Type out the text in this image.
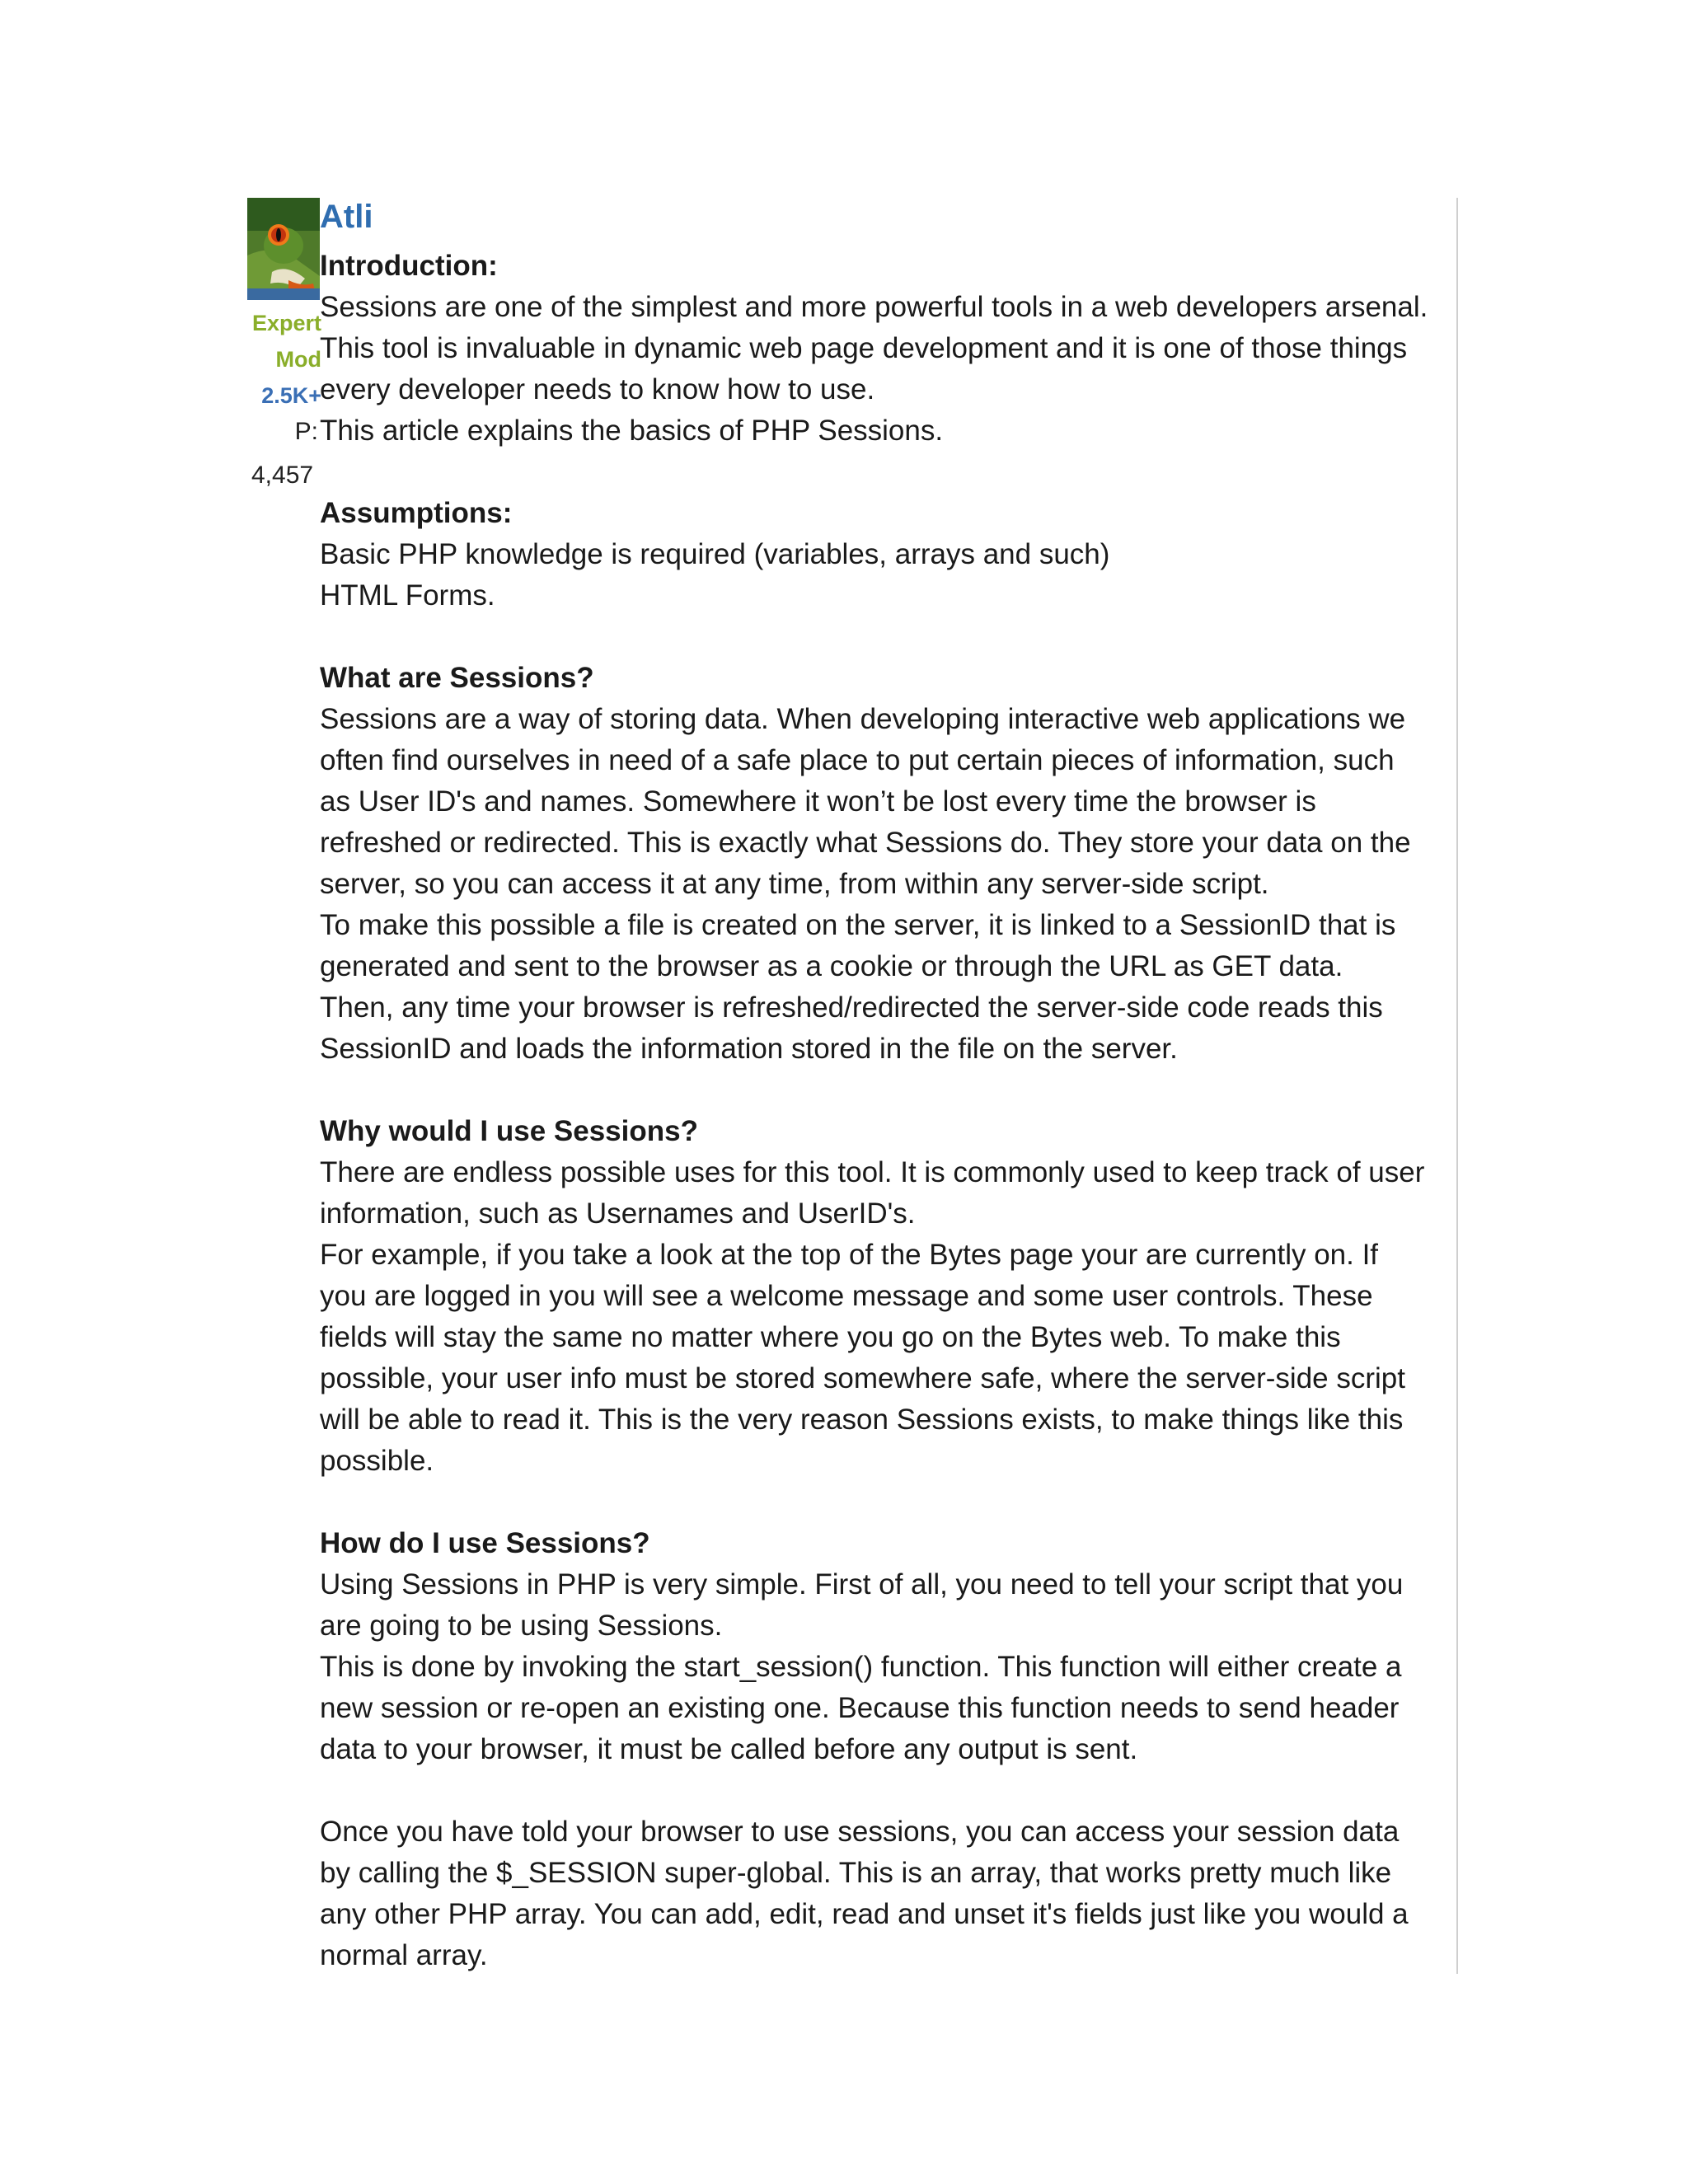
Expert
Mod
2.5K+
P:
4,457
Atli
Introduction:

Sessions are one of the simplest and more powerful tools in a web developers arsenal. This tool is invaluable in dynamic web page development and it is one of those things every developer needs to know how to use.

This article explains the basics of PHP Sessions.

Assumptions:

Basic PHP knowledge is required (variables, arrays and such)

HTML Forms.

What are Sessions?

Sessions are a way of storing data. When developing interactive web applications we often find ourselves in need of a safe place to put certain pieces of information, such as User ID's and names. Somewhere it won’t be lost every time the browser is refreshed or redirected. This is exactly what Sessions do. They store your data on the server, so you can access it at any time, from within any server-side script.

To make this possible a file is created on the server, it is linked to a SessionID that is generated and sent to the browser as a cookie or through the URL as GET data.

Then, any time your browser is refreshed/redirected the server-side code reads this SessionID and loads the information stored in the file on the server.

Why would I use Sessions?

There are endless possible uses for this tool. It is commonly used to keep track of user information, such as Usernames and UserID's.

For example, if you take a look at the top of the Bytes page your are currently on. If you are logged in you will see a welcome message and some user controls. These fields will stay the same no matter where you go on the Bytes web. To make this possible, your user info must be stored somewhere safe, where the server-side script will be able to read it. This is the very reason Sessions exists, to make things like this possible.

How do I use Sessions?

Using Sessions in PHP is very simple. First of all, you need to tell your script that you are going to be using Sessions.

This is done by invoking the start_session() function. This function will either create a new session or re-open an existing one. Because this function needs to send header data to your browser, it must be called before any output is sent.

Once you have told your browser to use sessions, you can access your session data by calling the $_SESSION super-global. This is an array, that works pretty much like any other PHP array. You can add, edit, read and unset it's fields just like you would a normal array.
